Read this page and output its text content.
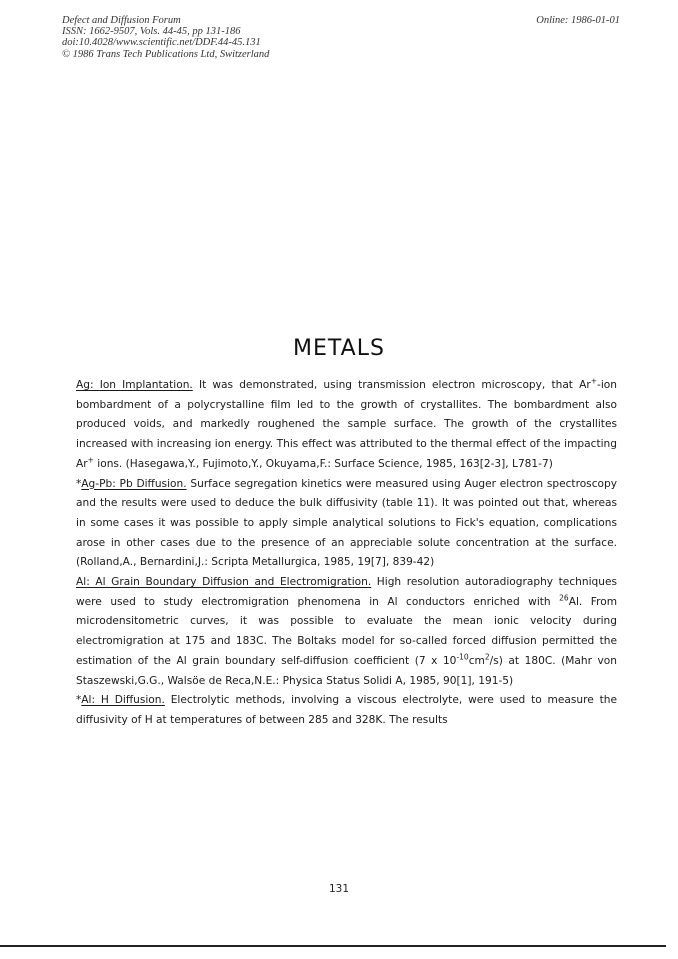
Defect and Diffusion Forum
ISSN: 1662-9507, Vols. 44-45, pp 131-186
doi:10.4028/www.scientific.net/DDF.44-45.131
© 1986 Trans Tech Publications Ltd, Switzerland
Online: 1986-01-01
METALS

Ag: Ion Implantation. It was demonstrated, using transmission electron microscopy, that Ar+-ion bombardment of a polycrystalline film led to the growth of crystallites. The bombardment also produced voids, and markedly roughened the sample surface. The growth of the crystallites increased with increasing ion energy. This effect was attributed to the thermal effect of the impacting Ar+ ions. (Hasegawa,Y., Fujimoto,Y., Okuyama,F.: Surface Science, 1985, 163[2-3], L781-7)

*Ag-Pb: Pb Diffusion. Surface segregation kinetics were measured using Auger electron spectroscopy and the results were used to deduce the bulk diffusivity (table 11). It was pointed out that, whereas in some cases it was possible to apply simple analytical solutions to Fick's equation, complications arose in other cases due to the presence of an appreciable solute concentration at the surface. (Rolland,A., Bernardini,J.: Scripta Metallurgica, 1985, 19[7], 839-42)

Al: Al Grain Boundary Diffusion and Electromigration. High resolution autoradiography techniques were used to study electromigration phenomena in Al conductors enriched with $^{26}$Al. From microdensitometric curves, it was possible to evaluate the mean ionic velocity during electromigration at 175 and 183C. The Boltaks model for so-called forced diffusion permitted the estimation of the Al grain boundary self-diffusion coefficient (7 x $10^{-10}cm^2/s$) at 180C. (Mahr von Staszewski,G.G., Walsöe de Reca,N.E.: Physica Status Solidi A, 1985, 90[1], 191-5)

*Al: H Diffusion. Electrolytic methods, involving a viscous electrolyte, were used to measure the diffusivity of H at temperatures of between 285 and 328K. The results

131
